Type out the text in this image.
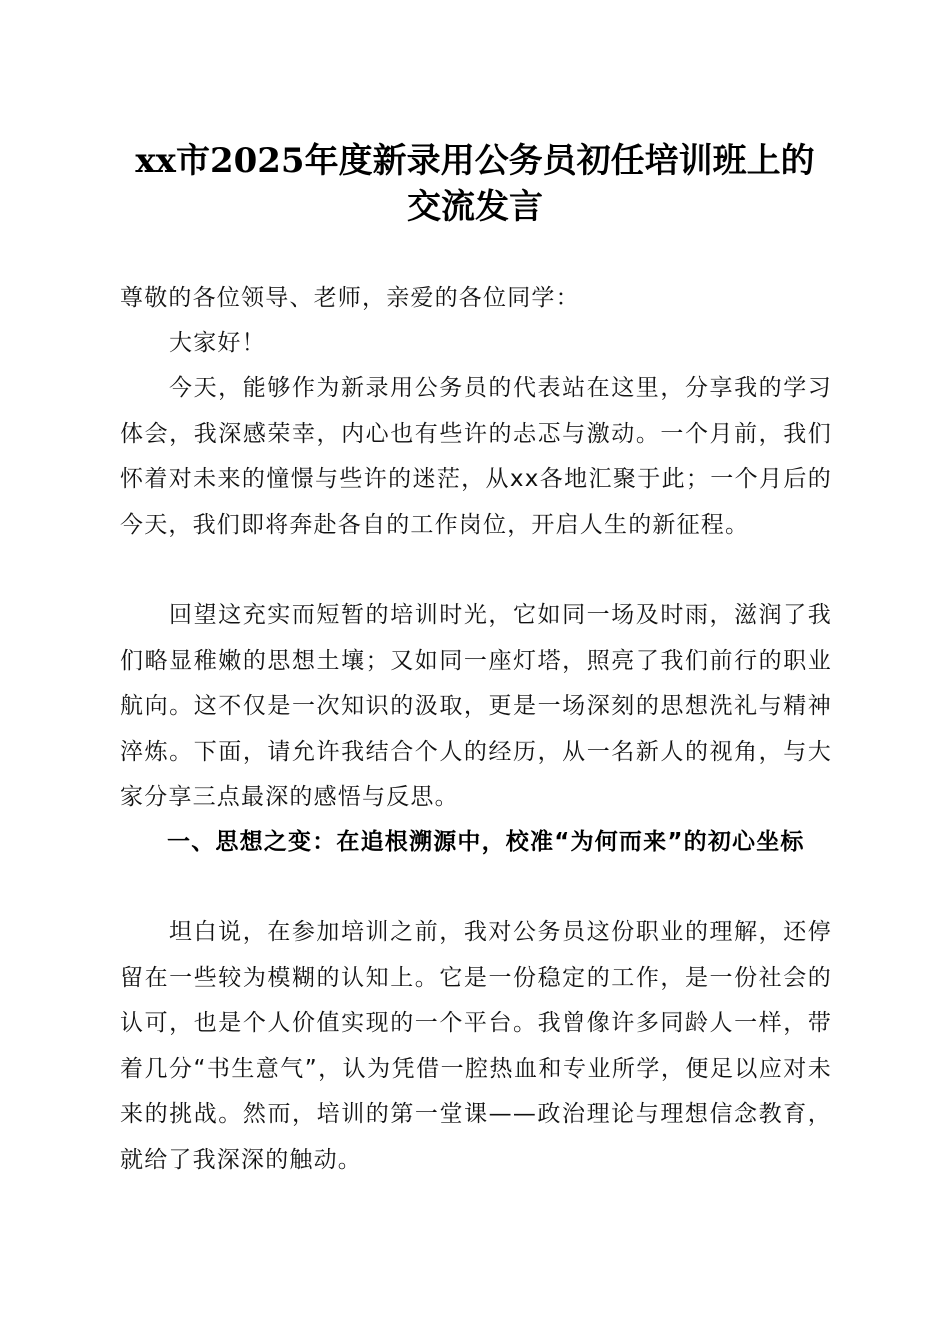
xx市2025年度新录用公务员初任培训班上的
交流发言

尊敬的各位领导、老师，亲爱的各位同学：

大家好！

今天，能够作为新录用公务员的代表站在这里，分享我的学习体会，我深感荣幸，内心也有些许的忐忑与激动。一个月前，我们怀着对未来的憧憬与些许的迷茫，从xx各地汇聚于此；一个月后的今天，我们即将奔赴各自的工作岗位，开启人生的新征程。

回望这充实而短暂的培训时光，它如同一场及时雨，滋润了我们略显稚嫩的思想土壤；又如同一座灯塔，照亮了我们前行的职业航向。这不仅是一次知识的汲取，更是一场深刻的思想洗礼与精神淬炼。下面，请允许我结合个人的经历，从一名新人的视角，与大家分享三点最深的感悟与反思。

一、思想之变：在追根溯源中，校准“为何而来”的初心坐标

坦白说，在参加培训之前，我对公务员这份职业的理解，还停留在一些较为模糊的认知上。它是一份稳定的工作，是一份社会的认可，也是个人价值实现的一个平台。我曾像许多同龄人一样，带着几分“书生意气”，认为凭借一腔热血和专业所学，便足以应对未来的挑战。然而，培训的第一堂课——政治理论与理想信念教育，就给了我深深的触动。
